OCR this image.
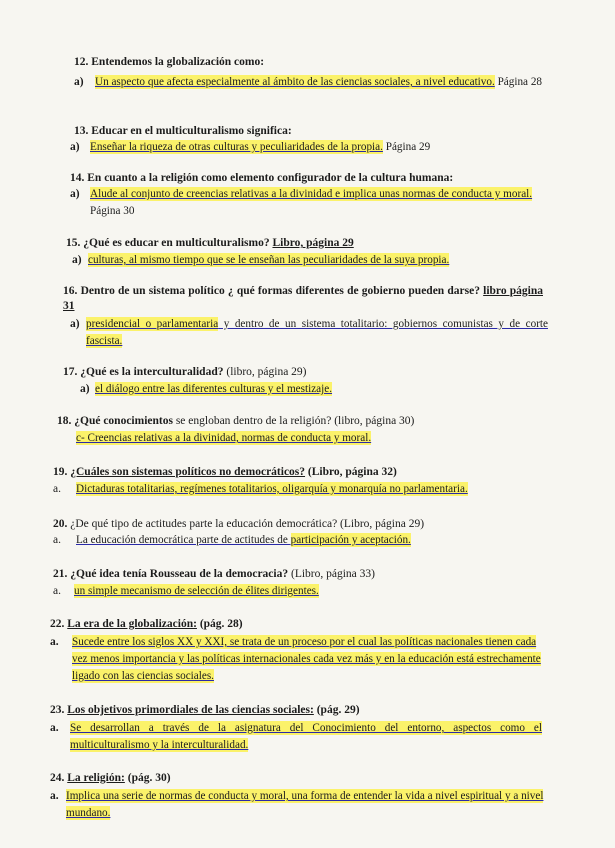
12. Entendemos la globalización como:
a) Un aspecto que afecta especialmente al ámbito de las ciencias sociales, a nivel educativo. Página 28
13. Educar en el multiculturalismo significa:
a) Enseñar la riqueza de otras culturas y peculiaridades de la propia. Página 29
14. En cuanto a la religión como elemento configurador de la cultura humana:
a) Alude al conjunto de creencias relativas a la divinidad e implica unas normas de conducta y moral. Página 30
15. ¿Qué es educar en multiculturalismo? Libro, página 29
a) culturas, al mismo tiempo que se le enseñan las peculiaridades de la suya propia.
16. Dentro de un sistema político ¿ qué formas diferentes de gobierno pueden darse? libro página 31
a) presidencial o parlamentaria y dentro de un sistema totalitario: gobiernos comunistas y de corte fascista.
17. ¿Qué es la interculturalidad? (libro, página 29)
a) el diálogo entre las diferentes culturas y el mestizaje.
18. ¿Qué conocimientos se engloban dentro de la religión? (libro, página 30)
c- Creencias relativas a la divinidad, normas de conducta y moral.
19. ¿Cuáles son sistemas políticos no democráticos? (Libro, página 32)
a. Dictaduras totalitarias, regímenes totalitarios, oligarquía y monarquía no parlamentaria.
20. ¿De qué tipo de actitudes parte la educación democrática? (Libro, página 29)
a. La educación democrática parte de actitudes de participación y aceptación.
21. ¿Qué idea tenía Rousseau de la democracia? (Libro, página 33)
a. un simple mecanismo de selección de élites dirigentes.
22. La era de la globalización: (pág. 28)
a. Sucede entre los siglos XX y XXI, se trata de un proceso por el cual las políticas nacionales tienen cada vez menos importancia y las políticas internacionales cada vez más y en la educación está estrechamente ligado con las ciencias sociales.
23. Los objetivos primordiales de las ciencias sociales: (pág. 29)
a. Se desarrollan a través de la asignatura del Conocimiento del entorno, aspectos como el multiculturalismo y la interculturalidad.
24. La religión: (pág. 30)
a. Implica una serie de normas de conducta y moral, una forma de entender la vida a nivel espiritual y a nivel mundano.
